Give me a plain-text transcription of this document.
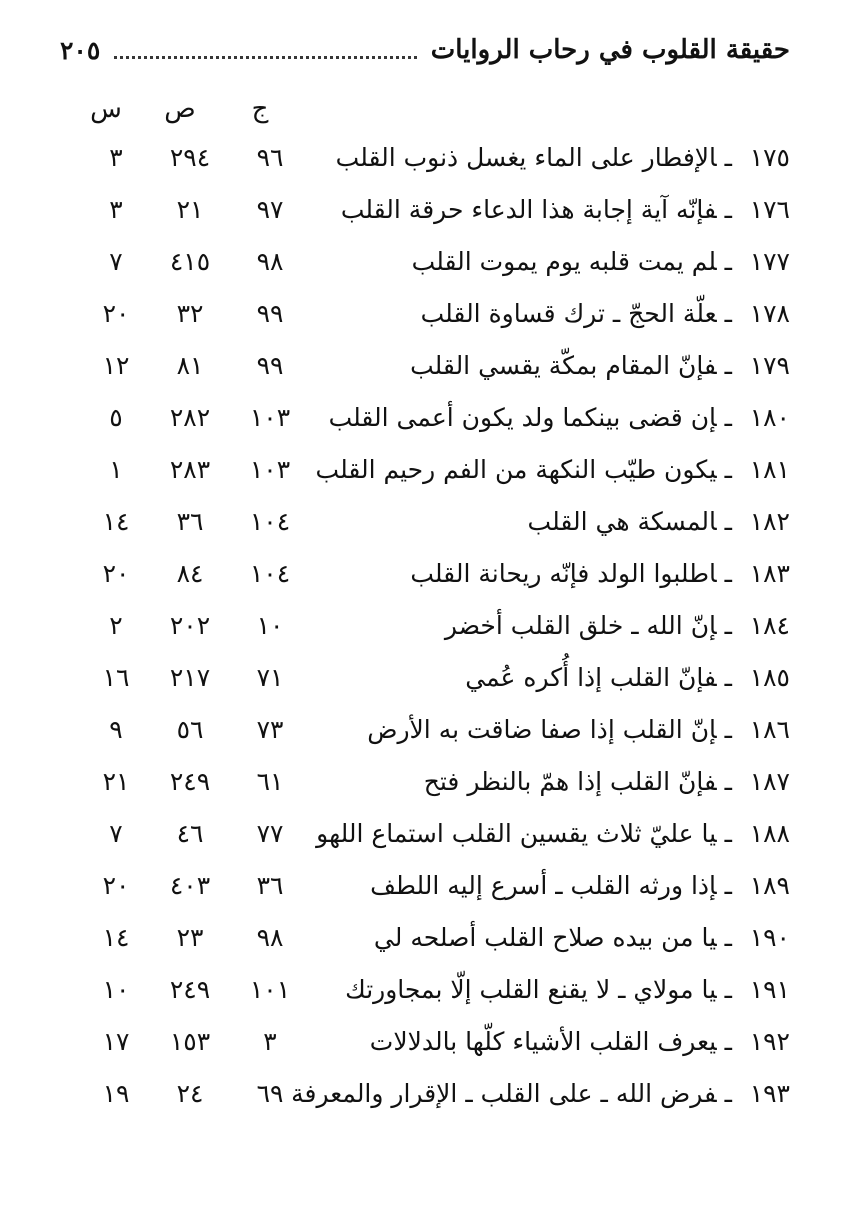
حقيقة القلوب في رحاب الروايات
٢٠٥
ج
ص
س
١٧٥ـالإفطار على الماء يغسل ذنوب القلب
٩٦
٢٩٤
٣
١٧٦ـفإنّه آية إجابة هذا الدعاء حرقة القلب
٩٧
٢١
٣
١٧٧ـلم يمت قلبه يوم يموت القلب
٩٨
٤١٥
٧
١٧٨ـعلّة الحجّ ـ ترك قساوة القلب
٩٩
٣٢
٢٠
١٧٩ـفإنّ المقام بمكّة يقسي القلب
٩٩
٨١
١٢
١٨٠ـإن قضى بينكما ولد يكون أعمى القلب
١٠٣
٢٨٢
٥
١٨١ـيكون طيّب النكهة من الفم رحيم القلب
١٠٣
٢٨٣
١
١٨٢ـالمسكة هي القلب
١٠٤
٣٦
١٤
١٨٣ـاطلبوا الولد فإنّه ريحانة القلب
١٠٤
٨٤
٢٠
١٨٤ـإنّ الله ـ خلق القلب أخضر
١٠
٢٠٢
٢
١٨٥ـفإنّ القلب إذا أُكره عُمي
٧١
٢١٧
١٦
١٨٦ـإنّ القلب إذا صفا ضاقت به الأرض
٧٣
٥٦
٩
١٨٧ـفإنّ القلب إذا همّ بالنظر فتح
٦١
٢٤٩
٢١
١٨٨ـيا عليّ ثلاث يقسين القلب استماع اللهو
٧٧
٤٦
٧
١٨٩ـإذا ورثه القلب ـ أسرع إليه اللطف
٣٦
٤٠٣
٢٠
١٩٠ـيا من بيده صلاح القلب أصلحه لي
٩٨
٢٣
١٤
١٩١ـيا مولاي ـ لا يقنع القلب إلّا بمجاورتك
١٠١
٢٤٩
١٠
١٩٢ـيعرف القلب الأشياء كلّها بالدلالات
٣
١٥٣
١٧
١٩٣ـفرض الله ـ على القلب ـ الإقرار والمعرفة
٦٩
٢٤
١٩
